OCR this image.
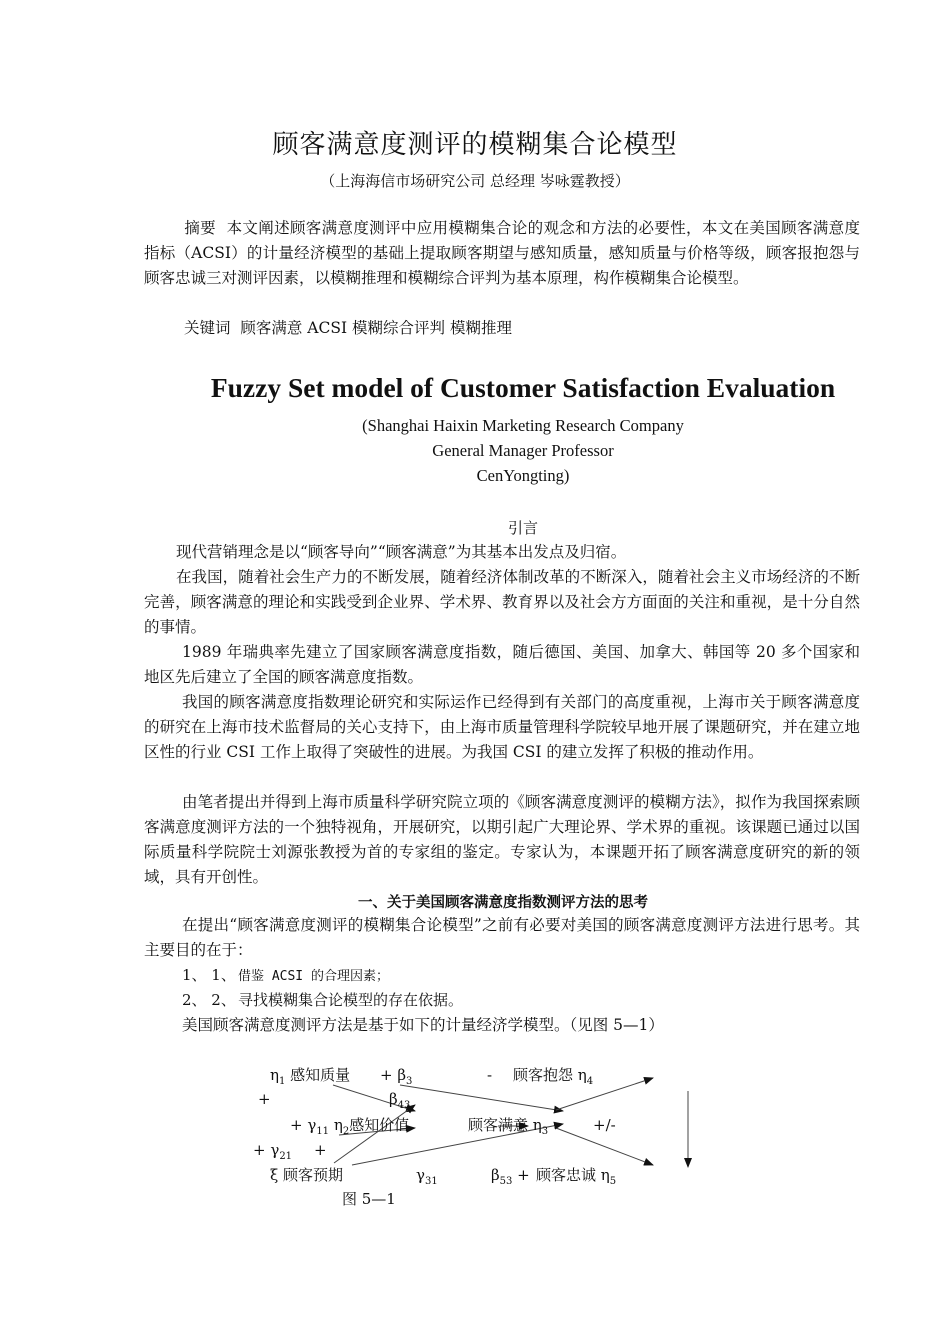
顾客满意度测评的模糊集合论模型
（上海海信市场研究公司 总经理 岑咏霆教授）
摘要 本文阐述顾客满意度测评中应用模糊集合论的观念和方法的必要性，本文在美国顾客满意度指标（ACSI）的计量经济模型的基础上提取顾客期望与感知质量，感知质量与价格等级，顾客报抱怨与顾客忠诚三对测评因素，以模糊推理和模糊综合评判为基本原理，构作模糊集合论模型。
关键词 顾客满意 ACSI 模糊综合评判 模糊推理
Fuzzy Set model of Customer Satisfaction Evaluation
(Shanghai Haixin Marketing Research Company
General Manager Professor
CenYongting)
引言
现代营销理念是以“顾客导向”“顾客满意”为其基本出发点及归宿。
在我国，随着社会生产力的不断发展，随着经济体制改革的不断深入，随着社会主义市场经济的不断完善，顾客满意的理论和实践受到企业界、学术界、教育界以及社会方方面面的关注和重视，是十分自然的事情。
1989 年瑞典率先建立了国家顾客满意度指数，随后德国、美国、加拿大、韩国等 20 多个国家和地区先后建立了全国的顾客满意度指数。
我国的顾客满意度指数理论研究和实际运作已经得到有关部门的高度重视，上海市关于顾客满意度的研究在上海市技术监督局的关心支持下，由上海市质量管理科学院较早地开展了课题研究，并在建立地区性的行业 CSI 工作上取得了突破性的进展。为我国 CSI 的建立发挥了积极的推动作用。
由笔者提出并得到上海市质量科学研究院立项的《顾客满意度测评的模糊方法》，拟作为我国探索顾客满意度测评方法的一个独特视角，开展研究，以期引起广大理论界、学术界的重视。该课题已通过以国际质量科学院院士刘源张教授为首的专家组的鉴定。专家认为，本课题开拓了顾客满意度研究的新的领域，具有开创性。
一、关于美国顾客满意度指数测评方法的思考
在提出“顾客满意度测评的模糊集合论模型”之前有必要对美国的顾客满意度测评方法进行思考。其主要目的在于：
1、 1、 借鉴 ACSI 的合理因素；
2、 2、 寻找模糊集合论模型的存在依据。
美国顾客满意度测评方法是基于如下的计量经济学模型。（见图 5—1）
$\eta_1$ 感知质量 + $\beta_3$	- 顾客抱怨 $\eta_4$
+	$\beta_{43}$
+ $\gamma_{11}$ $\eta_2$感知价值	顾客满意 $\eta_3$	+/-
+ $\gamma_{21}$ +
ξ 顾客预期	$\gamma_{31}$	$\beta_{53}$ + 顾客忠诚 $\eta_5$
图 5—1
